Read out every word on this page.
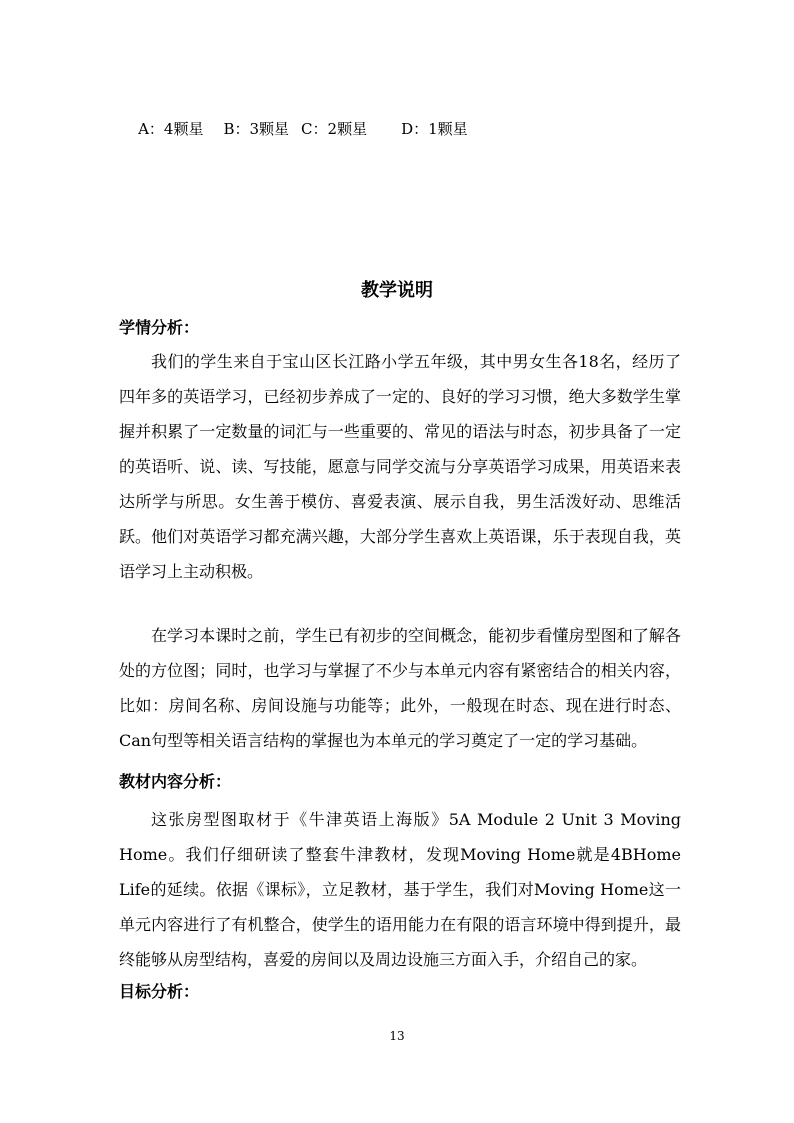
A：4颗星 B：3颗星 C：2颗星 D：1颗星

教学说明
学情分析：
我们的学生来自于宝山区长江路小学五年级，其中男女生各18名，经历了四年多的英语学习，已经初步养成了一定的、良好的学习习惯，绝大多数学生掌握并积累了一定数量的词汇与一些重要的、常见的语法与时态，初步具备了一定的英语听、说、读、写技能，愿意与同学交流与分享英语学习成果，用英语来表达所学与所思。女生善于模仿、喜爱表演、展示自我，男生活泼好动、思维活跃。他们对英语学习都充满兴趣，大部分学生喜欢上英语课，乐于表现自我，英语学习上主动积极。
在学习本课时之前，学生已有初步的空间概念，能初步看懂房型图和了解各处的方位图；同时，也学习与掌握了不少与本单元内容有紧密结合的相关内容，比如：房间名称、房间设施与功能等；此外，一般现在时态、现在进行时态、Can句型等相关语言结构的掌握也为本单元的学习奠定了一定的学习基础。
教材内容分析：
这张房型图取材于《牛津英语上海版》5A Module 2 Unit 3 Moving Home。我们仔细研读了整套牛津教材，发现Moving Home就是4BHome Life的延续。依据《课标》，立足教材，基于学生，我们对Moving Home这一单元内容进行了有机整合，使学生的语用能力在有限的语言环境中得到提升，最终能够从房型结构，喜爱的房间以及周边设施三方面入手，介绍自己的家。
目标分析：
13
